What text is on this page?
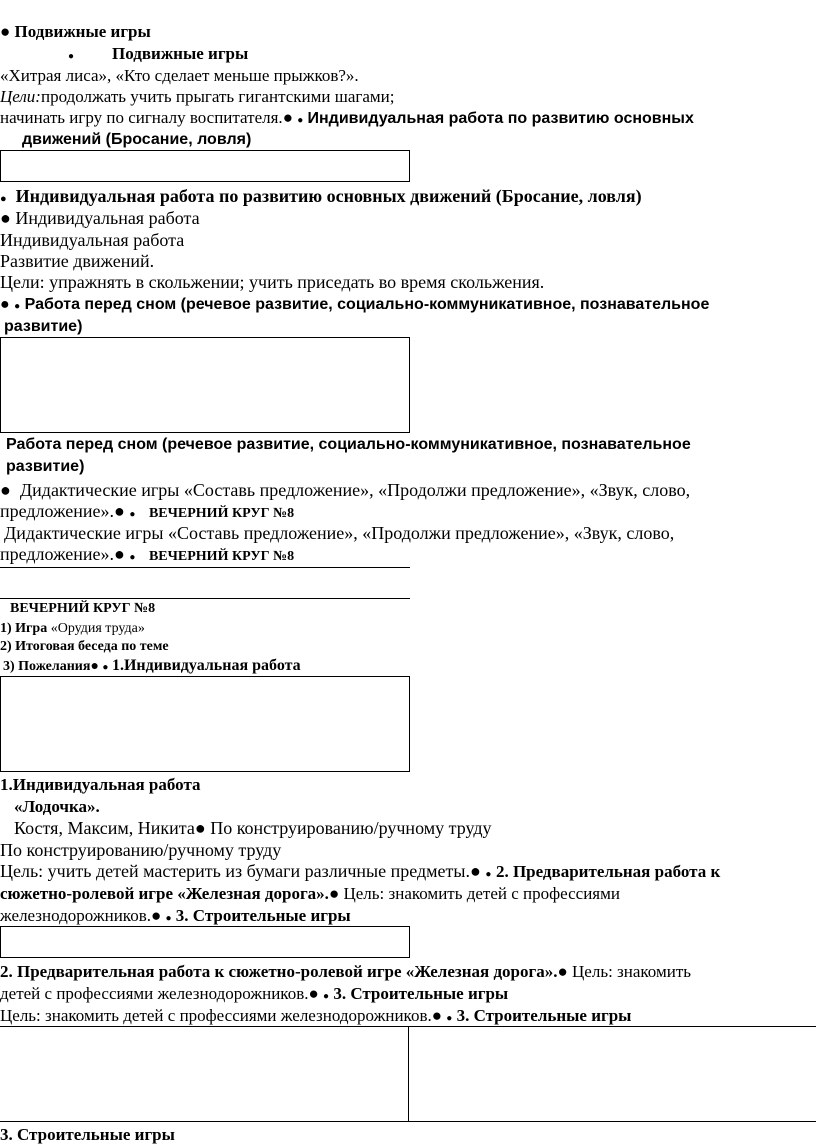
● Подвижные игры
● Подвижные игры
«Хитрая лиса», «Кто сделает меньше прыжков?».
Цели:продолжать учить прыгать гигантскими шагами;
начинать игру по сигналу воспитателя.● ● Индивидуальная работа по развитию основных
движений (Бросание, ловля)
● Индивидуальная работа по развитию основных движений (Бросание, ловля)
● Индивидуальная работа
Индивидуальная работа
Развитие движений.
Цели: упражнять в скольжении; учить приседать во время скольжения.
● ● Работа перед сном (речевое развитие, социально-коммуникативное, познавательное
развитие)
Работа перед сном (речевое развитие, социально-коммуникативное, познавательное
развитие)
● Дидактические игры «Составь предложение», «Продолжи предложение», «Звук, слово,
предложение».● ● ВЕЧЕРНИЙ КРУГ №8
Дидактические игры «Составь предложение», «Продолжи предложение», «Звук, слово,
предложение».● ● ВЕЧЕРНИЙ КРУГ №8
ВЕЧЕРНИЙ КРУГ №8
1) Игра «Орудия труда»
2) Итоговая беседа по теме
3) Пожелания● ● 1.Индивидуальная работа
1.Индивидуальная работа
«Лодочка».
Костя, Максим, Никита● По конструированию/ручному труду
По конструированию/ручному труду
Цель: учить детей мастерить из бумаги различные предметы.● ● 2. Предварительная работа к
сюжетно-ролевой игре «Железная дорога».● Цель: знакомить детей с профессиями
железнодорожников.● ● 3. Строительные игры
2. Предварительная работа к сюжетно-ролевой игре «Железная дорога».● Цель: знакомить
детей с профессиями железнодорожников.● ● 3. Строительные игры
Цель: знакомить детей с профессиями железнодорожников.● ● 3. Строительные игры
3. Строительные игры
